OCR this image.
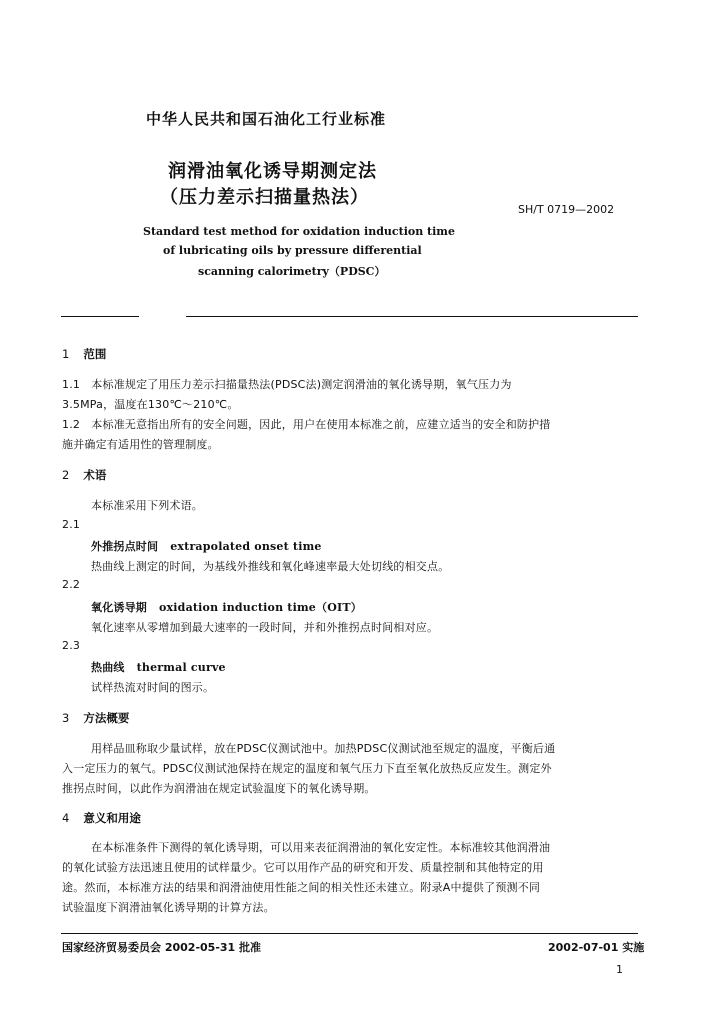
中华人民共和国石油化工行业标准
润滑油氧化诱导期测定法
（压力差示扫描量热法）
SH/T 0719—2002
Standard test method for oxidation induction time
of lubricating oils by pressure differential
scanning calorimetry（PDSC）
1 范围
1.1　本标准规定了用压力差示扫描量热法(PDSC法)测定润滑油的氧化诱导期，氧气压力为
3.5MPa，温度在130℃～210℃。
1.2　本标准无意指出所有的安全问题，因此，用户在使用本标准之前，应建立适当的安全和防护措
施并确定有适用性的管理制度。
2 术语
本标准采用下列术语。
2.1
外推拐点时间 extrapolated onset time
热曲线上测定的时间，为基线外推线和氧化峰速率最大处切线的相交点。
2.2
氧化诱导期 oxidation induction time（OIT）
氧化速率从零增加到最大速率的一段时间，并和外推拐点时间相对应。
2.3
热曲线 thermal curve
试样热流对时间的图示。
3 方法概要
用样品皿称取少量试样，放在PDSC仪测试池中。加热PDSC仪测试池至规定的温度，平衡后通
入一定压力的氧气。PDSC仪测试池保持在规定的温度和氧气压力下直至氧化放热反应发生。测定外
推拐点时间，以此作为润滑油在规定试验温度下的氧化诱导期。
4 意义和用途
在本标准条件下测得的氧化诱导期，可以用来表征润滑油的氧化安定性。本标准较其他润滑油
的氧化试验方法迅速且使用的试样量少。它可以用作产品的研究和开发、质量控制和其他特定的用
途。然而，本标准方法的结果和润滑油使用性能之间的相关性还未建立。附录A中提供了预测不同
试验温度下润滑油氧化诱导期的计算方法。
国家经济贸易委员会 2002-05-31 批准	2002-07-01 实施
1
